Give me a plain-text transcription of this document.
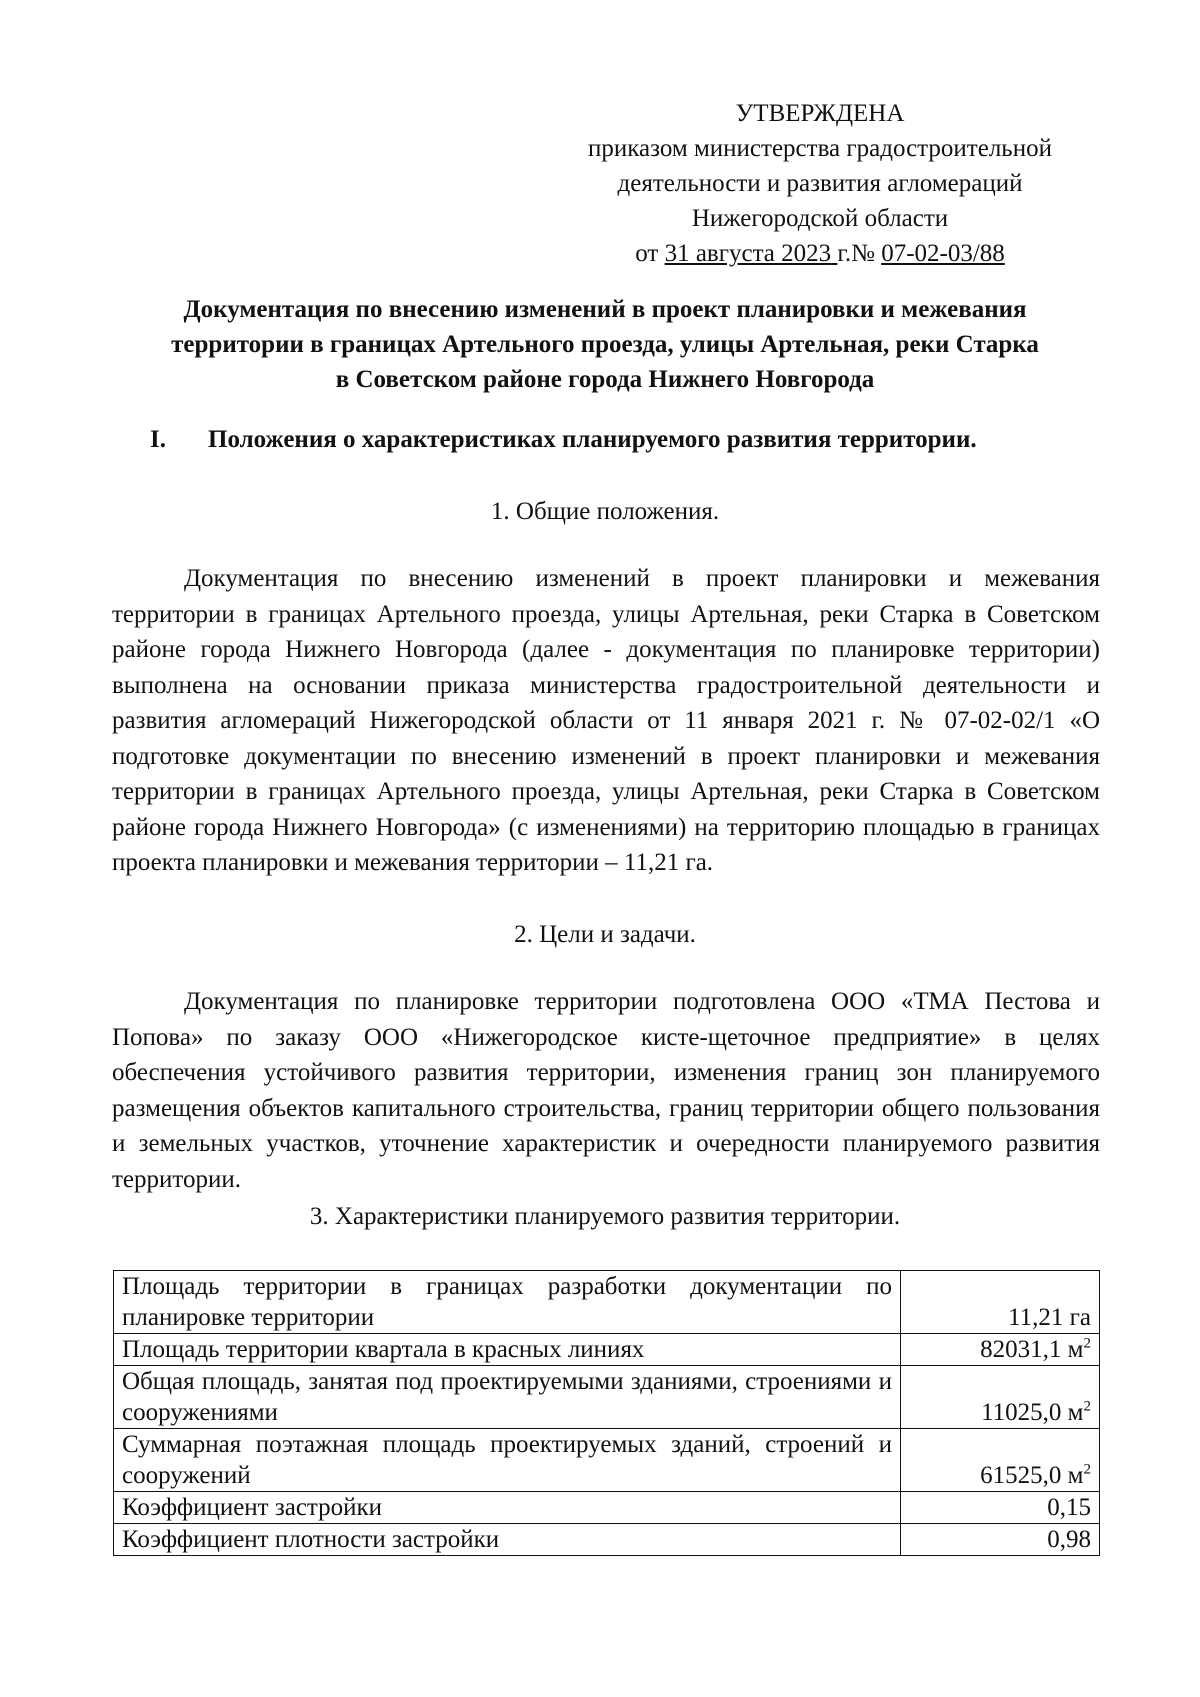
УТВЕРЖДЕНА
приказом министерства градостроительной
деятельности и развития агломераций
Нижегородской области
от 31 августа 2023 г.№ 07-02-03/88
Документация по внесению изменений в проект планировки и межевания
территории в границах Артельного проезда, улицы Артельная, реки Старка
в Советском районе города Нижнего Новгорода
I. Положения о характеристиках планируемого развития территории.
1. Общие положения.

Документация по внесению изменений в проект планировки и межевания территории в границах Артельного проезда, улицы Артельная, реки Старка в Советском районе города Нижнего Новгорода (далее - документация по планировке территории) выполнена на основании приказа министерства градостроительной деятельности и развития агломераций Нижегородской области от 11 января 2021 г. № 07-02-02/1 «О подготовке документации по внесению изменений в проект планировки и межевания территории в границах Артельного проезда, улицы Артельная, реки Старка в Советском районе города Нижнего Новгорода» (с изменениями) на территорию площадью в границах проекта планировки и межевания территории – 11,21 га.

2. Цели и задачи.

Документация по планировке территории подготовлена ООО «ТМА Пестова и Попова» по заказу ООО «Нижегородское кисте-щеточное предприятие» в целях обеспечения устойчивого развития территории, изменения границ зон планируемого размещения объектов капитального строительства, границ территории общего пользования и земельных участков, уточнение характеристик и очередности планируемого развития территории.

3. Характеристики планируемого развития территории.
Площадь территории в границах разработки документации по планировке территории	11,21 га
Площадь территории квартала в красных линиях	82031,1 $м^2$
Общая площадь, занятая под проектируемыми зданиями, строениями и сооружениями	11025,0 $м^2$
Суммарная поэтажная площадь проектируемых зданий, строений и сооружений	61525,0 $м^2$
Коэффициент застройки	0,15
Коэффициент плотности застройки	0,98
